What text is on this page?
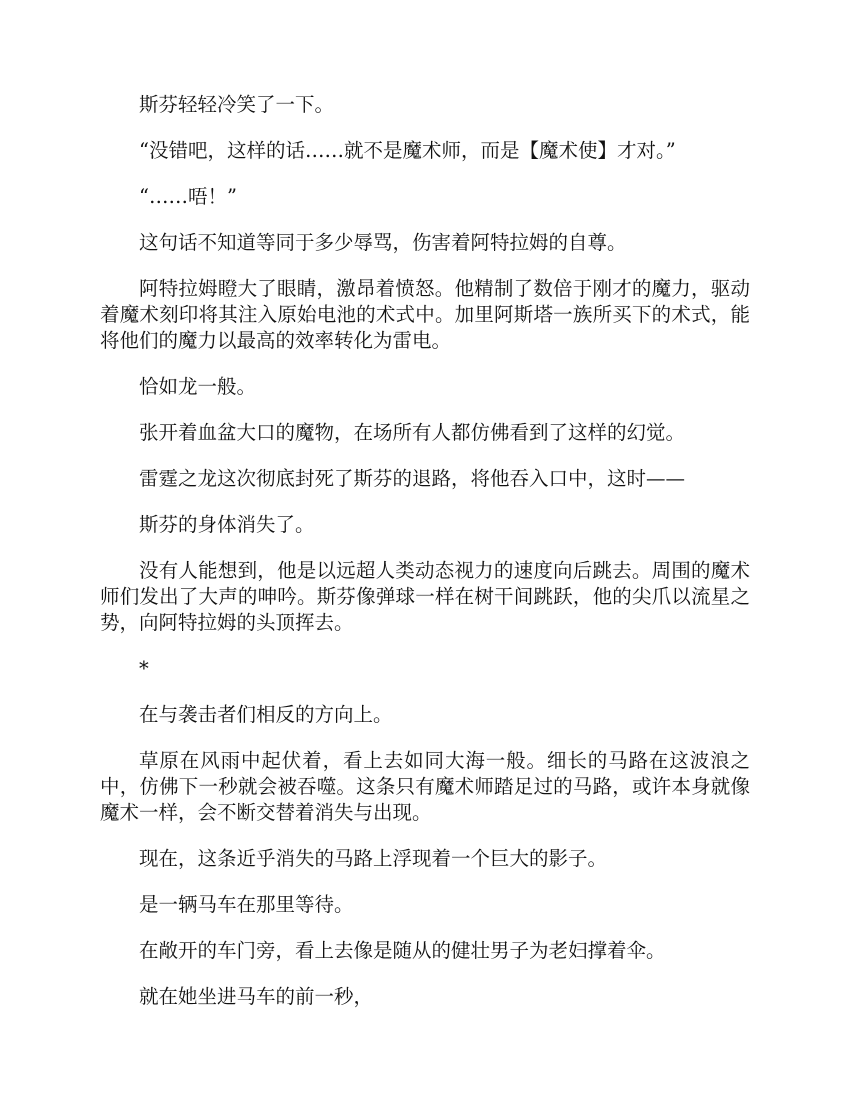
斯芬轻轻冷笑了一下。

“没错吧，这样的话……就不是魔术师，而是【魔术使】才对。”

“……唔！”

这句话不知道等同于多少辱骂，伤害着阿特拉姆的自尊。

阿特拉姆瞪大了眼睛，激昂着愤怒。他精制了数倍于刚才的魔力，驱动着魔术刻印将其注入原始电池的术式中。加里阿斯塔一族所买下的术式，能将他们的魔力以最高的效率转化为雷电。

恰如龙一般。

张开着血盆大口的魔物，在场所有人都仿佛看到了这样的幻觉。

雷霆之龙这次彻底封死了斯芬的退路，将他吞入口中，这时——

斯芬的身体消失了。

没有人能想到，他是以远超人类动态视力的速度向后跳去。周围的魔术师们发出了大声的呻吟。斯芬像弹球一样在树干间跳跃，他的尖爪以流星之势，向阿特拉姆的头顶挥去。

*

在与袭击者们相反的方向上。

草原在风雨中起伏着，看上去如同大海一般。细长的马路在这波浪之中，仿佛下一秒就会被吞噬。这条只有魔术师踏足过的马路，或许本身就像魔术一样，会不断交替着消失与出现。

现在，这条近乎消失的马路上浮现着一个巨大的影子。

是一辆马车在那里等待。

在敞开的车门旁，看上去像是随从的健壮男子为老妇撑着伞。

就在她坐进马车的前一秒，
